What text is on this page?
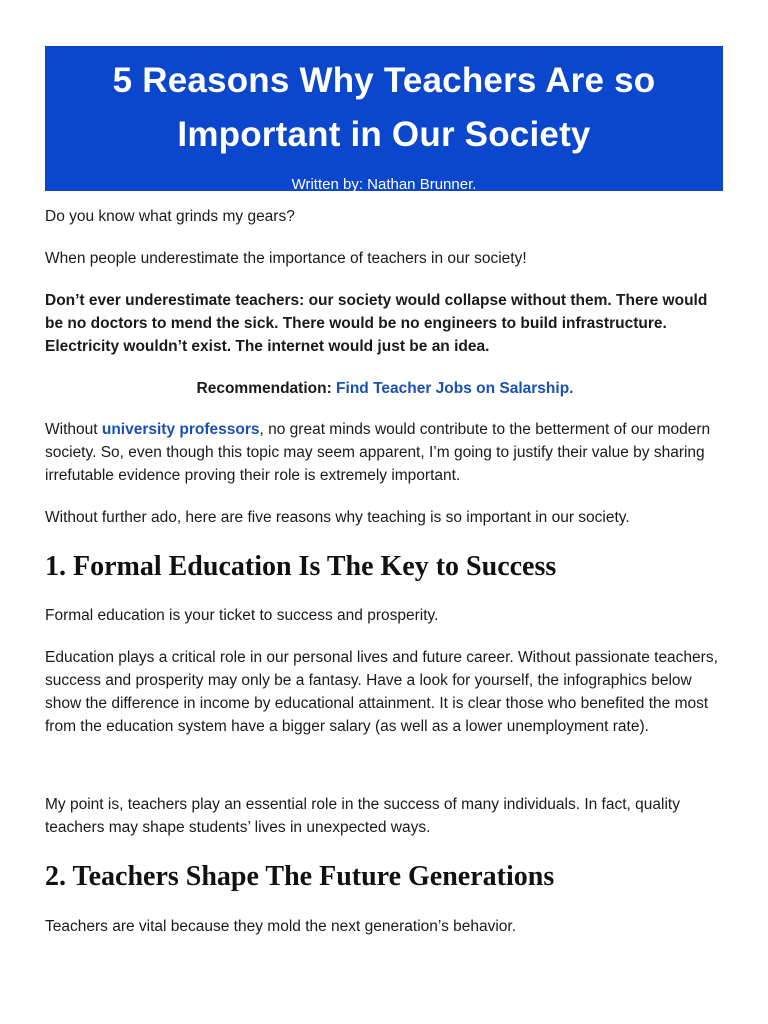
5 Reasons Why Teachers Are so
Important in Our Society
Written by: Nathan Brunner.

Do you know what grinds my gears?

When people underestimate the importance of teachers in our society!

Don’t ever underestimate teachers: our society would collapse without them. There would be no doctors to mend the sick. There would be no engineers to build infrastructure. Electricity wouldn’t exist. The internet would just be an idea.

Recommendation: Find Teacher Jobs on Salarship.

Without university professors, no great minds would contribute to the betterment of our modern society. So, even though this topic may seem apparent, I’m going to justify their value by sharing irrefutable evidence proving their role is extremely important.

Without further ado, here are five reasons why teaching is so important in our society.

1. Formal Education Is The Key to Success

Formal education is your ticket to success and prosperity.

Education plays a critical role in our personal lives and future career. Without passionate teachers, success and prosperity may only be a fantasy. Have a look for yourself, the infographics below show the difference in income by educational attainment. It is clear those who benefited the most from the education system have a bigger salary (as well as a lower unemployment rate).

My point is, teachers play an essential role in the success of many individuals. In fact, quality teachers may shape students’ lives in unexpected ways.

2. Teachers Shape The Future Generations

Teachers are vital because they mold the next generation’s behavior.
